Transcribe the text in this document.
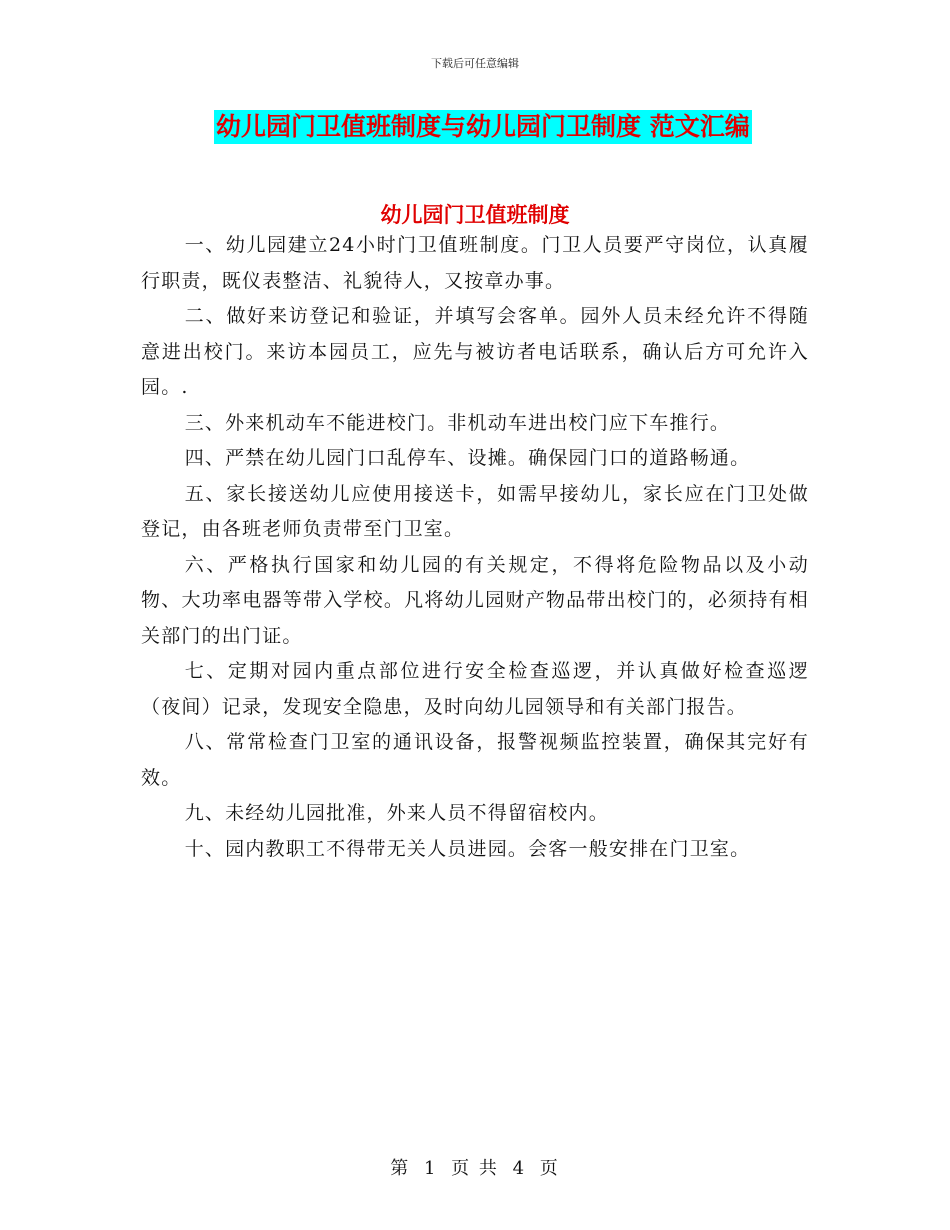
下载后可任意编辑
幼儿园门卫值班制度与幼儿园门卫制度 范文汇编
幼儿园门卫值班制度

一、幼儿园建立24小时门卫值班制度。门卫人员要严守岗位，认真履行职责，既仪表整洁、礼貌待人，又按章办事。

二、做好来访登记和验证，并填写会客单。园外人员未经允许不得随意进出校门。来访本园员工，应先与被访者电话联系，确认后方可允许入园。.

三、外来机动车不能进校门。非机动车进出校门应下车推行。

四、严禁在幼儿园门口乱停车、设摊。确保园门口的道路畅通。

五、家长接送幼儿应使用接送卡，如需早接幼儿，家长应在门卫处做登记，由各班老师负责带至门卫室。

六、严格执行国家和幼儿园的有关规定，不得将危险物品以及小动物、大功率电器等带入学校。凡将幼儿园财产物品带出校门的，必须持有相关部门的出门证。

七、定期对园内重点部位进行安全检查巡逻，并认真做好检查巡逻（夜间）记录，发现安全隐患，及时向幼儿园领导和有关部门报告。

八、常常检查门卫室的通讯设备，报警视频监控装置，确保其完好有效。

九、未经幼儿园批准，外来人员不得留宿校内。

十、园内教职工不得带无关人员进园。会客一般安排在门卫室。

第 1 页 共 4 页
